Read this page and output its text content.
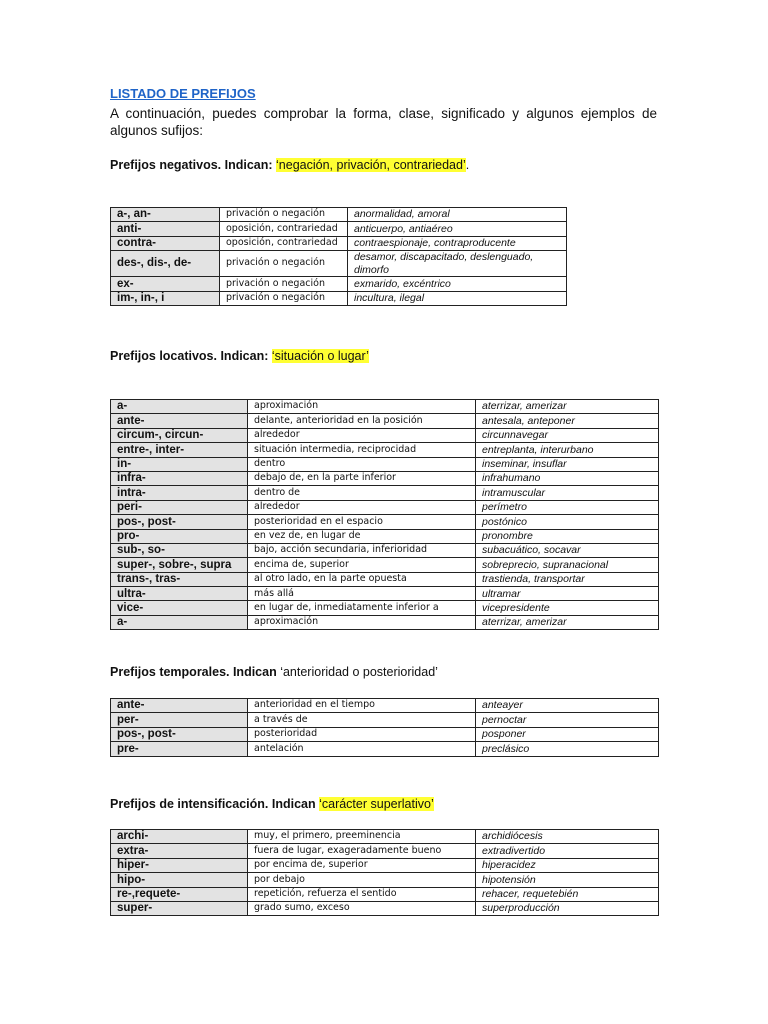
LISTADO DE PREFIJOS
A continuación, puedes comprobar la forma, clase, significado y algunos ejemplos de algunos sufijos:
Prefijos negativos. Indican: ‘negación, privación, contrariedad’.
a-, an-	privación o negación	anormalidad, amoral
anti-	oposición, contrariedad	anticuerpo, antiaéreo
contra-	oposición, contrariedad	contraespionaje, contraproducente
des-, dis-, de-	privación o negación	desamor, discapacitado, deslenguado, dimorfo
ex-	privación o negación	exmarido, excéntrico
im-, in-, i	privación o negación	incultura, ilegal
Prefijos locativos. Indican: ‘situación o lugar’
a-	aproximación	aterrizar, amerizar
ante-	delante, anterioridad en la posición	antesala, anteponer
circum-, circun-	alrededor	circunnavegar
entre-, inter-	situación intermedia, reciprocidad	entreplanta, interurbano
in-	dentro	inseminar, insuflar
infra-	debajo de, en la parte inferior	infrahumano
intra-	dentro de	intramuscular
peri-	alrededor	perímetro
pos-, post-	posterioridad en el espacio	postónico
pro-	en vez de, en lugar de	pronombre
sub-, so-	bajo, acción secundaria, inferioridad	subacuático, socavar
super-, sobre-, supra	encima de, superior	sobreprecio, supranacional
trans-, tras-	al otro lado, en la parte opuesta	trastienda, transportar
ultra-	más allá	ultramar
vice-	en lugar de, inmediatamente inferior a	vicepresidente
a-	aproximación	aterrizar, amerizar
Prefijos temporales. Indican ‘anterioridad o posterioridad’
ante-	anterioridad en el tiempo	anteayer
per-	a través de	pernoctar
pos-, post-	posterioridad	posponer
pre-	antelación	preclásico
Prefijos de intensificación. Indican ‘carácter superlativo’
archi-	muy, el primero, preeminencia	archidiócesis
extra-	fuera de lugar, exageradamente bueno	extradivertido
hiper-	por encima de, superior	hiperacidez
hipo-	por debajo	hipotensión
re-,requete-	repetición, refuerza el sentido	rehacer, requetebién
super-	grado sumo, exceso	superproducción
